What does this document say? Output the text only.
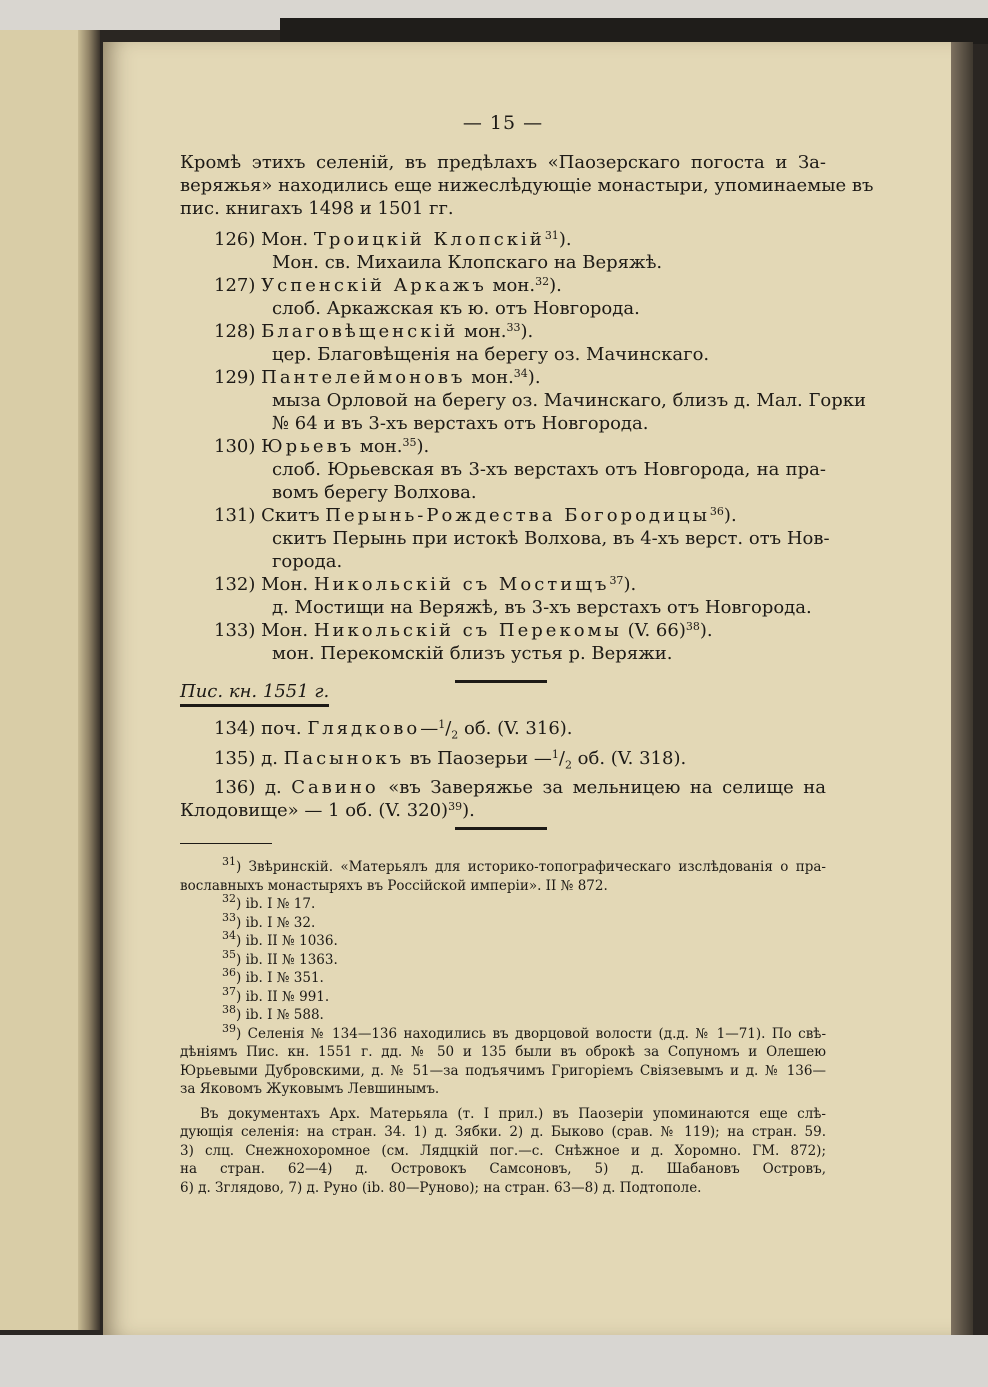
— 15 —
Кромѣ этихъ селеній, въ предѣлахъ «Паозерскаго погоста и За-
веряжья» находились еще нижеслѣдующіе монастыри, упоминаемые въ
пис. книгахъ 1498 и 1501 гг.
126) Мон. Троицкій Клопскій$^{31}$).
Мон. св. Михаила Клопскаго на Веряжѣ.
127) Успенскій Аркажъ мон.$^{32}$).
слоб. Аркажская къ ю. отъ Новгорода.
128) Благовѣщенскій мон.$^{33}$).
цер. Благовѣщенія на берегу оз. Мачинскаго.
129) Пантелеймоновъ мон.$^{34}$).
мыза Орловой на берегу оз. Мачинскаго, близъ д. Мал. Горки
№ 64 и въ 3-хъ верстахъ отъ Новгорода.
130) Юрьевъ мон.$^{35}$).
слоб. Юрьевская въ 3-хъ верстахъ отъ Новгорода, на пра-
вомъ берегу Волхова.
131) Скитъ Перынь-Рождества Богородицы$^{36}$).
скитъ Перынь при истокѣ Волхова, въ 4-хъ верст. отъ Нов-
города.
132) Мон. Никольскій съ Мостищъ$^{37}$).
д. Мостищи на Веряжѣ, въ 3-хъ верстахъ отъ Новгорода.
133) Мон. Никольскій съ Перекомы (V. 66)$^{38}$).
мон. Перекомскій близъ устья р. Веряжи.
Пис. кн. 1551 г.
134) поч. $Глядково—^1/_2$ об. (V. 316).
135) д. Пасынокъ въ Паозерьи $—^1/_2$ об. (V. 318).
136) д. Савино «въ Заверяжье за мельницею на селище на
Клодовище» — 1 об. (V. 320)$^{39}$).
$^{31}$) Звѣринскій. «Матерьялъ для историко-топографическаго изслѣдованія о пра-
вославныхъ монастыряхъ въ Россійской имперіи». II № 872.
$^{32}$) іb. I № 17.
$^{33}$) іb. I № 32.
$^{34}$) іb. II № 1036.
$^{35}$) іb. II № 1363.
$^{36}$) іb. I № 351.
$^{37}$) іb. II № 991.
$^{38}$) іb. I № 588.
$^{39}$) Селенія № 134—136 находились въ дворцовой волости (д.д. № 1—71). По свѣ-
дѣніямъ Пис. кн. 1551 г. дд. № 50 и 135 были въ оброкѣ за Сопуномъ и Олешею
Юрьевыми Дубровскими, д. № 51—за подъячимъ Григоріемъ Свіязевымъ и д. № 136—
за Яковомъ Жуковымъ Левшинымъ.
Въ документахъ Арх. Матерьяла (т. I прил.) въ Паозеріи упоминаются еще слѣ-
дующія селенія: на стран. 34. 1) д. Зябки. 2) д. Быково (срав. № 119); на стран. 59.
3) слц. Снежнохоромное (см. Лядцкій пог.—с. Снѣжное и д. Хоромно. ГМ. 872);
на стран. 62—4) д. Островокъ Самсоновъ, 5) д. Шабановъ Островъ,
6) д. Зглядово, 7) д. Руно (іb. 80—Руново); на стран. 63—8) д. Подтополе.
